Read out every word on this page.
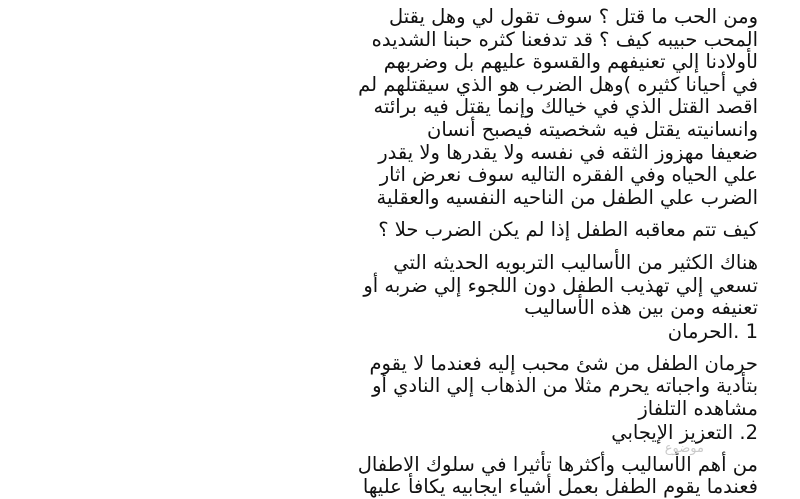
ومن الحب ما قتل ؟ سوف تقول لي وهل يقتل
المحب حبيبه كيف ؟ قد تدفعنا كثره حبنا الشديده
لأولادنا إلي تعنيفهم والقسوة عليهم بل وضربهم
في أحيانا كثيره )وهل الضرب هو الذي سيقتلهم لم
اقصد القتل الذي في خيالك وإنما يقتل فيه برائته
وانسانيته يقتل فيه شخصيته فيصبح أنسان
ضعيفا مهزوز الثقه في نفسه ولا يقدرها ولا يقدر
علي الحياه وفي الفقره التاليه سوف نعرض اثار
الضرب علي الطفل من الناحيه النفسيه والعقلية

كيف تتم معاقبه الطفل إذا لم يكن الضرب حلا ؟

هناك الكثير من الأساليب التربويه الحديثه التي
تسعي إلي تهذيب الطفل دون اللجوء إلي ضربه أو
تعنيفه ومن بين هذه الأساليب

1 .الحرمان

حرمان الطفل من شئ محبب إليه فعندما لا يقوم
بتأدية واجباته يحرم مثلا من الذهاب إلي النادي أو
مشاهده التلفاز

2. التعزيز الإيجابي

من أهم الأساليب وأكثرها تأثيرا في سلوك الاطفال
فعندما يقوم الطفل بعمل أشياء ايجابيه يكافأ عليها

موضوع
